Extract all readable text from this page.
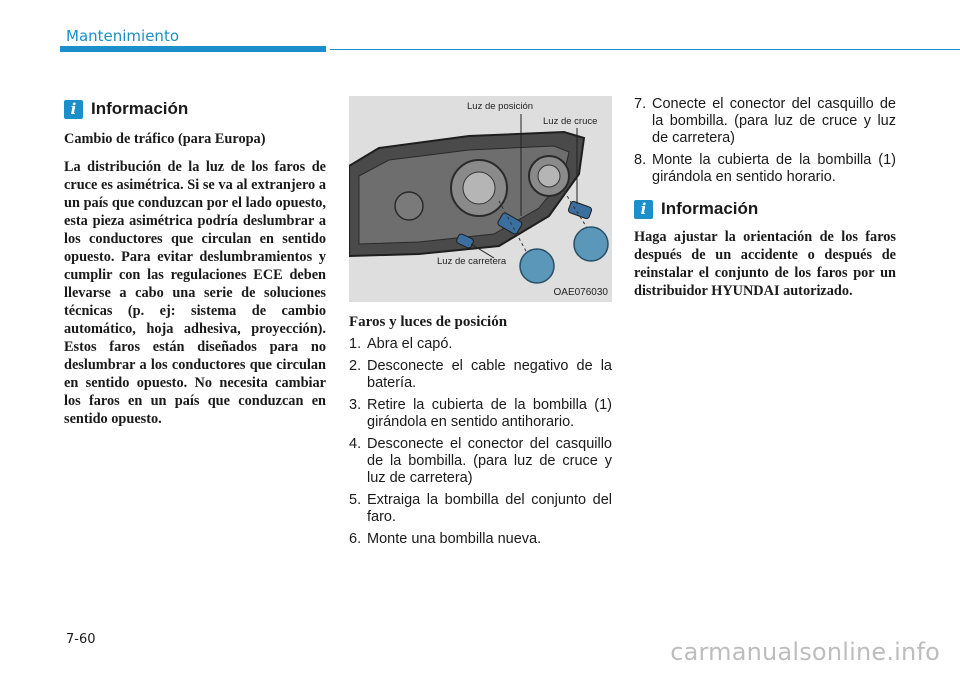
Mantenimiento
i Información

Cambio de tráfico (para Europa)

La distribución de la luz de los faros de cruce es asimétrica. Si se va al extranjero a un país que conduzcan por el lado opuesto, esta pieza asimétrica podría deslumbrar a los conductores que circulan en sentido opuesto. Para evitar deslumbramientos y cumplir con las regulaciones ECE deben llevarse a cabo una serie de soluciones técnicas (p. ej: sistema de cambio automático, hoja adhesiva, proyección). Estos faros están diseñados para no deslumbrar a los conductores que circulan en sentido opuesto. No necesita cambiar los faros en un país que conduzcan en sentido opuesto.

Luz de posición
Luz de cruce
Luz de carretera
OAE076030
Faros y luces de posición
1. Abra el capó.
2. Desconecte el cable negativo de la batería.
3. Retire la cubierta de la bombilla (1) girándola en sentido antihorario.
4. Desconecte el conector del casquillo de la bombilla. (para luz de cruce y luz de carretera)
5. Extraiga la bombilla del conjunto del faro.
6. Monte una bombilla nueva.
7. Conecte el conector del casquillo de la bombilla. (para luz de cruce y luz de carretera)
8. Monte la cubierta de la bombilla (1) girándola en sentido horario.
i Información

Haga ajustar la orientación de los faros después de un accidente o después de reinstalar el conjunto de los faros por un distribuidor HYUNDAI autorizado.

7-60	carmanualsonline.info
